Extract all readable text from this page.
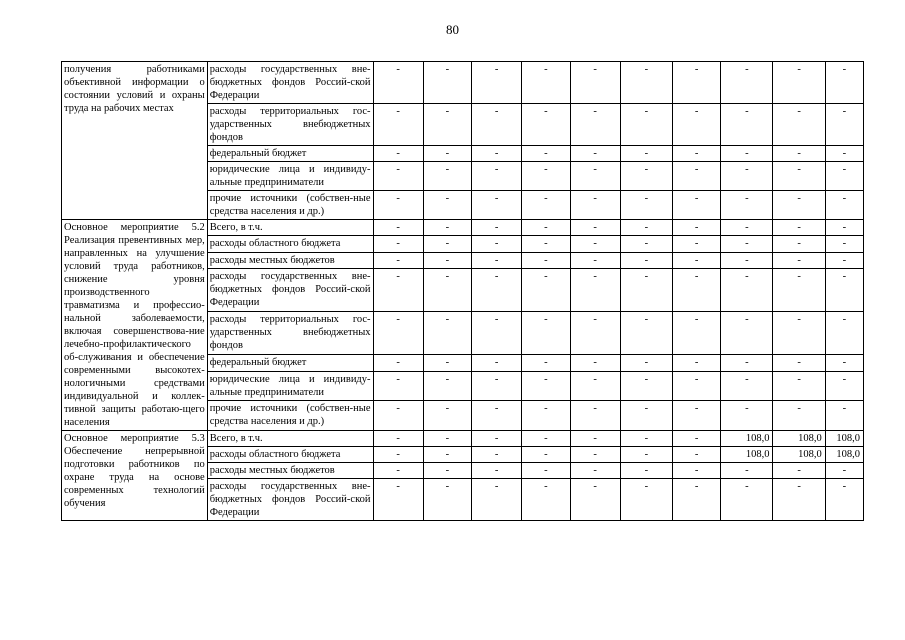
80
получения работниками объективной информации о состоянии условий и охраны труда на рабочих местах	расходы государственных вне-бюджетных фондов Россий-ской Федерации	-	-	-	-	-	-	-	-	-	-
	расходы территориальных гос-ударственных внебюджетных фондов	-	-	-	-	-	-	-	-	-	-
	федеральный бюджет	-	-	-	-	-	-	-	-	-	-
	юридические лица и индивиду-альные предприниматели	-	-	-	-	-	-	-	-	-	-
	прочие источники (собствен-ные средства населения и др.)	-	-	-	-	-	-	-	-	-	-
Основное мероприятие 5.2 Реализация превентивных мер, направленных на улучшение условий труда работников, снижение уровня производственного травматизма и профессио-нальной заболеваемости, включая совершенствова-ние лечебно-профилактического об-служивания и обеспечение современными высокотех-нологичными средствами индивидуальной и коллек-тивной защиты работаю-щего населения	Всего, в т.ч.	-	-	-	-	-	-	-	-	-	-
	расходы областного бюджета	-	-	-	-	-	-	-	-	-	-
	расходы местных бюджетов	-	-	-	-	-	-	-	-	-	-
	расходы государственных вне-бюджетных фондов Россий-ской Федерации	-	-	-	-	-	-	-	-	-	-
	расходы территориальных гос-ударственных внебюджетных фондов	-	-	-	-	-	-	-	-	-	-
	федеральный бюджет	-	-	-	-	-	-	-	-	-	-
	юридические лица и индивиду-альные предприниматели	-	-	-	-	-	-	-	-	-	-
	прочие источники (собствен-ные средства населения и др.)	-	-	-	-	-	-	-	-	-	-
Основное мероприятие 5.3 Обеспечение непрерывной подготовки работников по охране труда на основе современных технологий обучения	Всего, в т.ч.	-	-	-	-	-	-	-	108,0	108,0	108,0
	расходы областного бюджета	-	-	-	-	-	-	-	108,0	108,0	108,0
	расходы местных бюджетов	-	-	-	-	-	-	-	-	-	-
	расходы государственных вне-бюджетных фондов Россий-ской Федерации	-	-	-	-	-	-	-	-	-	-
